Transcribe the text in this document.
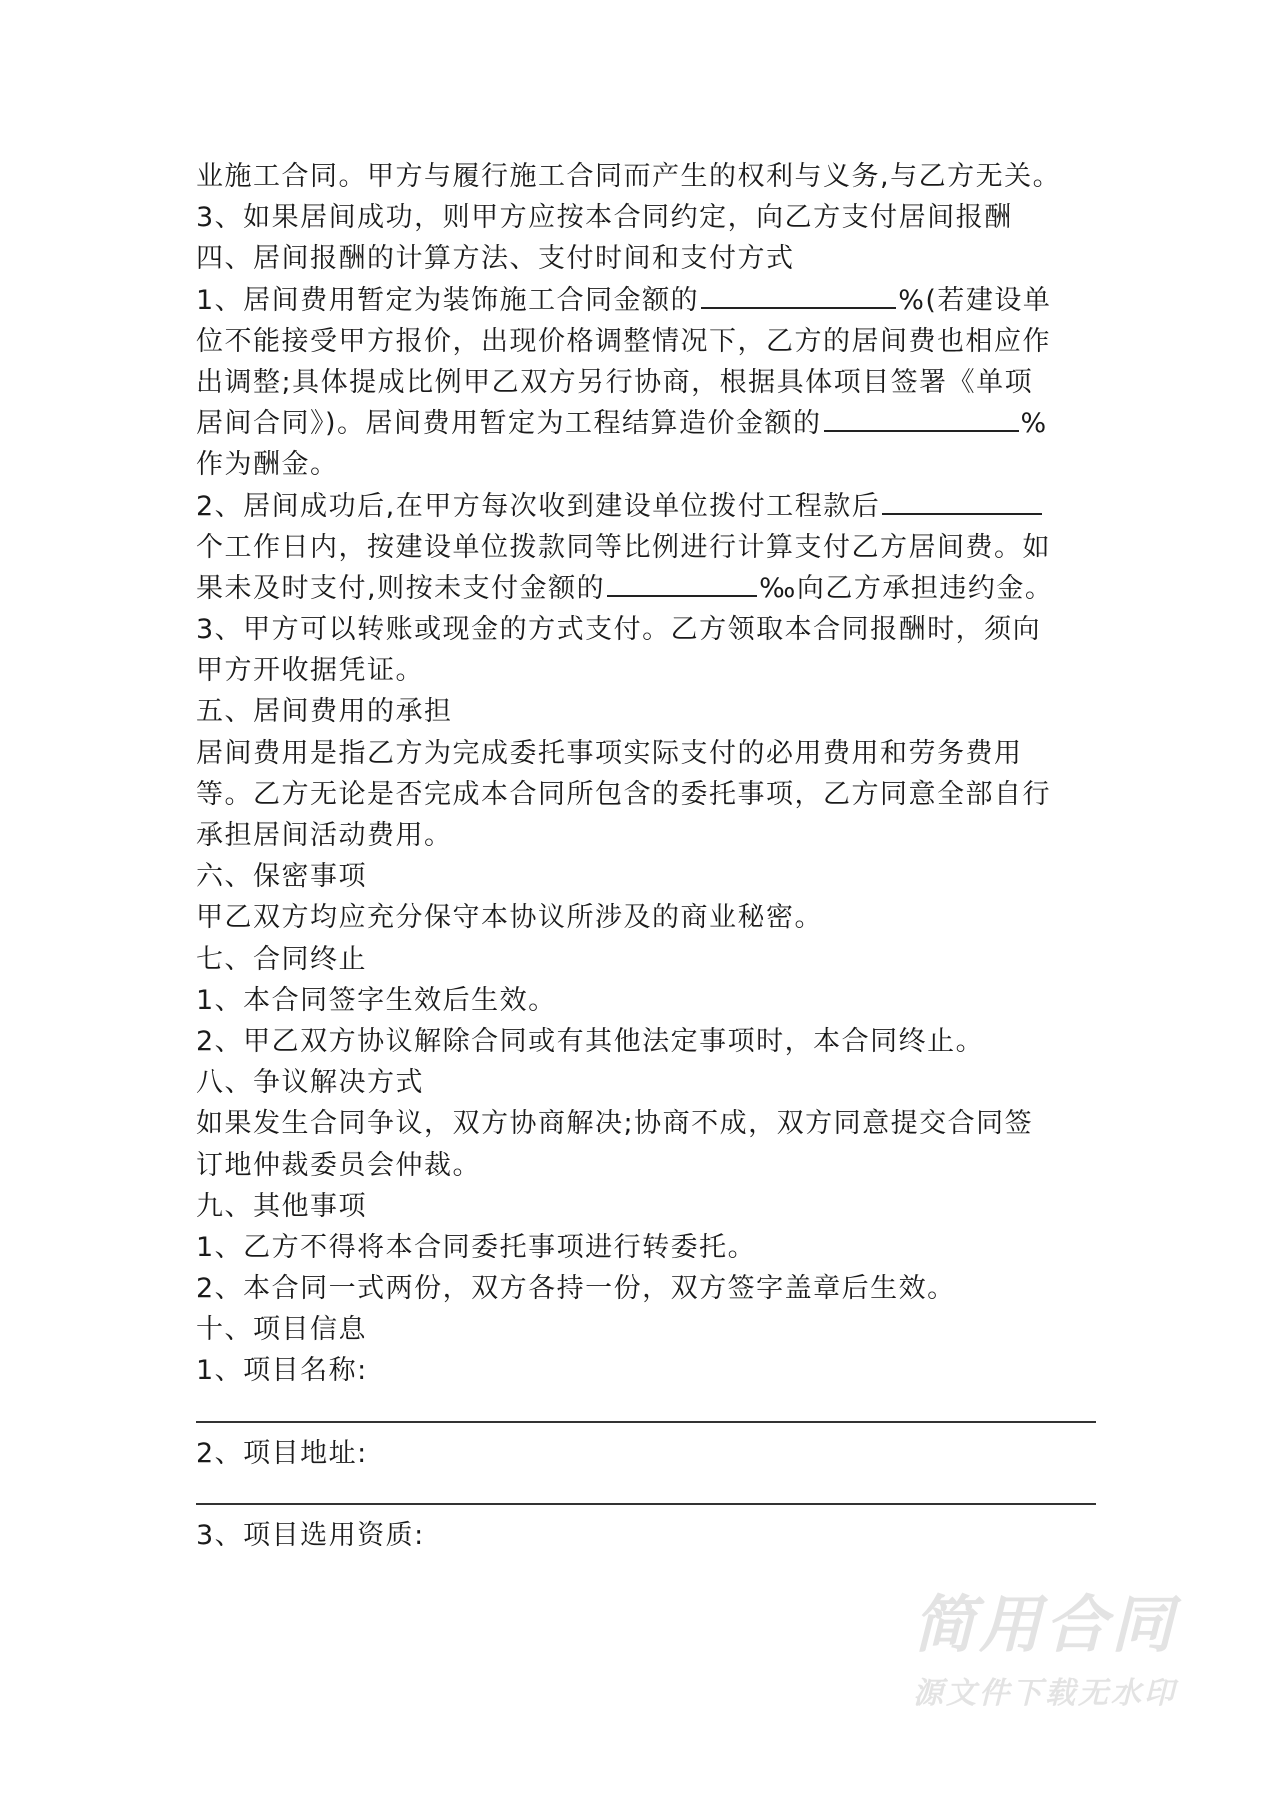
业施工合同。甲方与履行施工合同而产生的权利与义务,与乙方无关。
3、如果居间成功，则甲方应按本合同约定，向乙方支付居间报酬
四、居间报酬的计算方法、支付时间和支付方式
1、居间费用暂定为装饰施工合同金额的	%(若建设单
位不能接受甲方报价，出现价格调整情况下，乙方的居间费也相应作
出调整;具体提成比例甲乙双方另行协商，根据具体项目签署《单项
居间合同》)。居间费用暂定为工程结算造价金额的	%
作为酬金。
2、居间成功后,在甲方每次收到建设单位拨付工程款后
个工作日内，按建设单位拨款同等比例进行计算支付乙方居间费。如
果未及时支付,则按未支付金额的	‰向乙方承担违约金。
3、甲方可以转账或现金的方式支付。乙方领取本合同报酬时，须向
甲方开收据凭证。
五、居间费用的承担
居间费用是指乙方为完成委托事项实际支付的必用费用和劳务费用
等。乙方无论是否完成本合同所包含的委托事项，乙方同意全部自行
承担居间活动费用。
六、保密事项
甲乙双方均应充分保守本协议所涉及的商业秘密。
七、合同终止
1、本合同签字生效后生效。
2、甲乙双方协议解除合同或有其他法定事项时，本合同终止。
八、争议解决方式
如果发生合同争议，双方协商解决;协商不成，双方同意提交合同签
订地仲裁委员会仲裁。
九、其他事项
1、乙方不得将本合同委托事项进行转委托。
2、本合同一式两份，双方各持一份，双方签字盖章后生效。
十、项目信息
1、项目名称:
2、项目地址:
3、项目选用资质:
简用合同
源文件下载无水印
